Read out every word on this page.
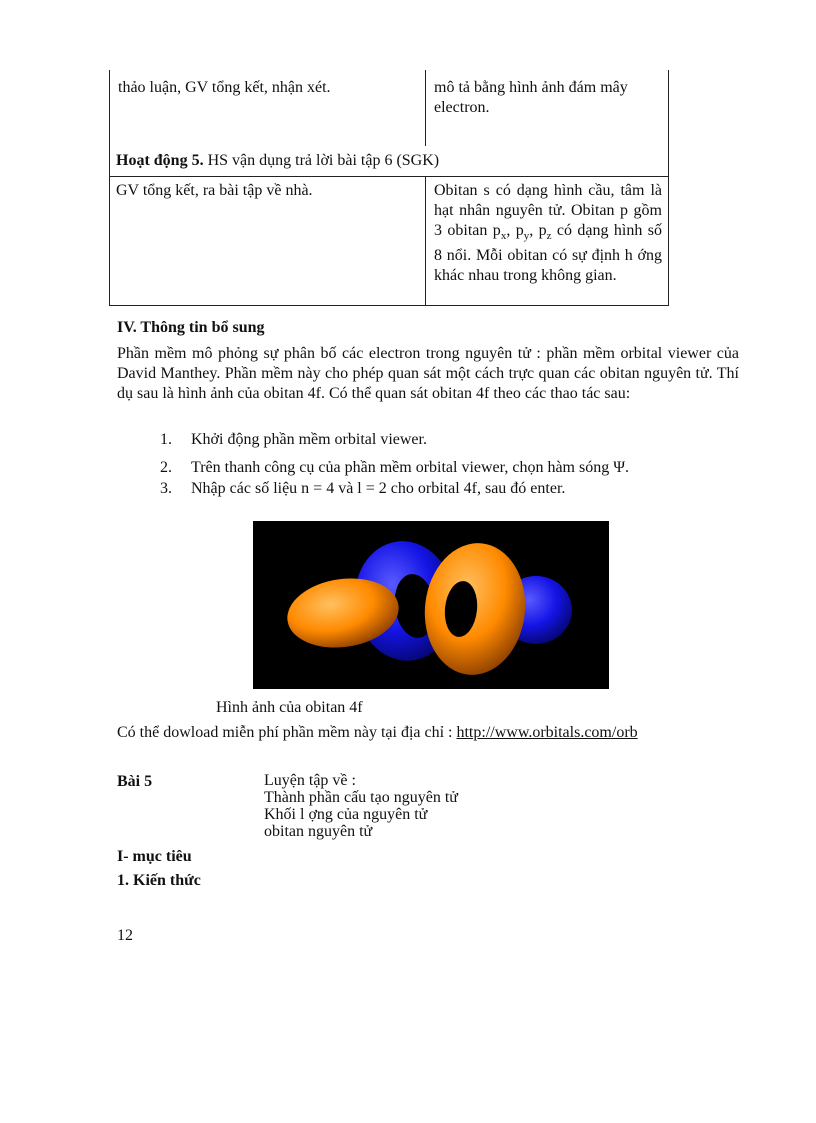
thảo luận, GV tổng kết, nhận xét.	mô tả bằng hình ảnh đám mây electron.
Hoạt động 5. HS vận dụng trả lời bài tập 6 (SGK)
GV tổng kết, ra bài tập về nhà.	Obitan s có dạng hình cầu, tâm là hạt nhân nguyên tử. Obitan p gồm 3 obitan $p_x$, $p_y$, $p_z$ có dạng hình số 8 nổi. Mỗi obitan có sự định h ớng khác nhau trong không gian.
IV. Thông tin bổ sung
Phần mềm mô phỏng sự phân bố các electron trong nguyên tử : phần mềm orbital viewer của David Manthey. Phần mềm này cho phép quan sát một cách trực quan các obitan nguyên tử. Thí dụ sau là hình ảnh của obitan 4f. Có thể quan sát obitan 4f theo các thao tác sau:
1. Khởi động phần mềm orbital viewer.
2. Trên thanh công cụ của phần mềm orbital viewer, chọn hàm sóng Ψ.
3. Nhập các số liệu n = 4 và l = 2 cho orbital 4f, sau đó enter.
Hình ảnh của obitan 4f
Có thể dowload miễn phí phần mềm này tại địa chỉ : http://www.orbitals.com/orb
Bài 5	Luyện tập về :
Thành phần cấu tạo nguyên tử
Khối l ợng của nguyên tử
obitan nguyên tử
I- mục tiêu
1. Kiến thức
12
